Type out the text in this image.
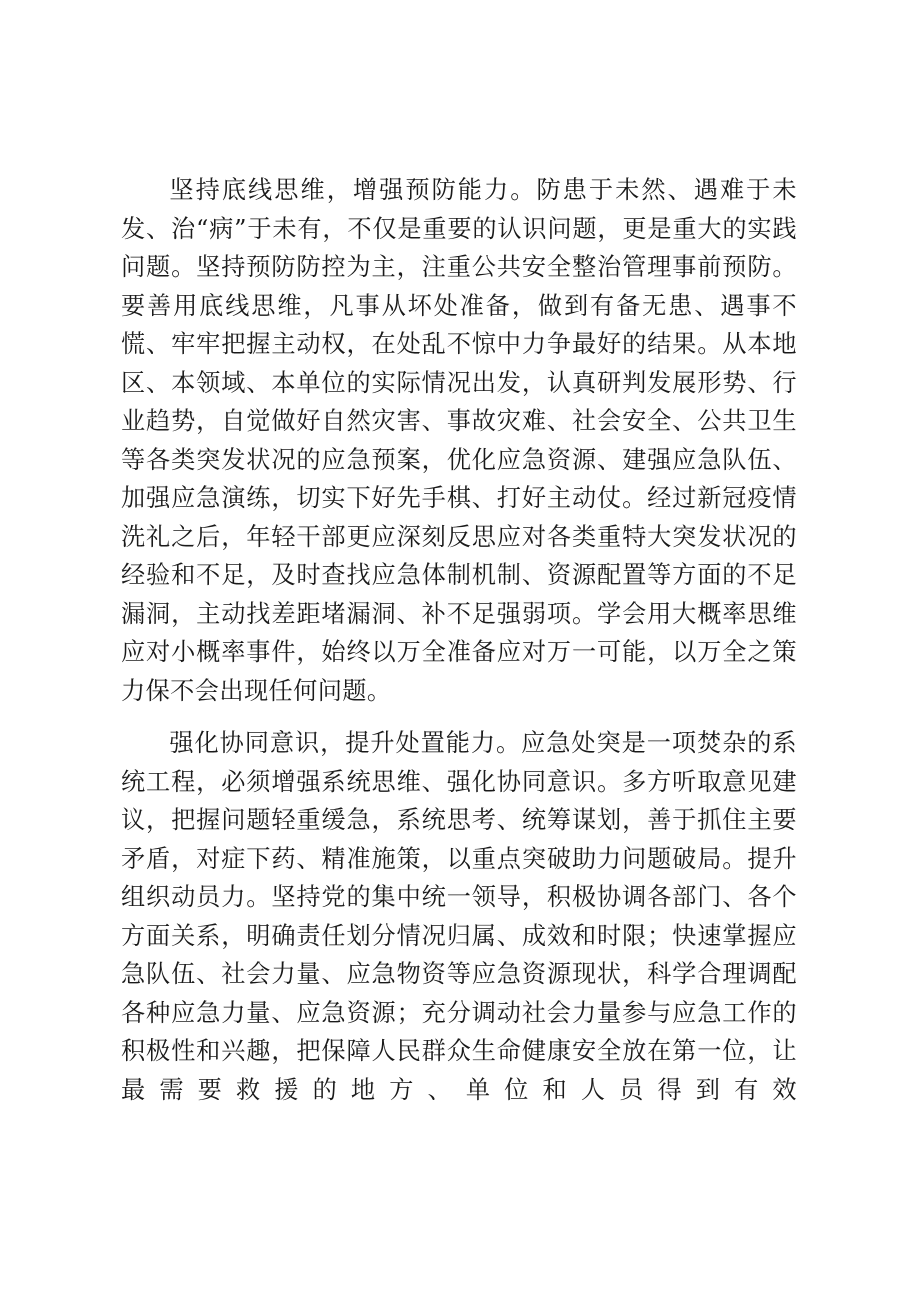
坚持底线思维，增强预防能力。防患于未然、遇难于未发、治“病”于未有，不仅是重要的认识问题，更是重大的实践问题。坚持预防防控为主，注重公共安全整治管理事前预防。要善用底线思维，凡事从坏处准备，做到有备无患、遇事不慌、牢牢把握主动权，在处乱不惊中力争最好的结果。从本地区、本领域、本单位的实际情况出发，认真研判发展形势、行业趋势，自觉做好自然灾害、事故灾难、社会安全、公共卫生等各类突发状况的应急预案，优化应急资源、建强应急队伍、加强应急演练，切实下好先手棋、打好主动仗。经过新冠疫情洗礼之后，年轻干部更应深刻反思应对各类重特大突发状况的经验和不足，及时查找应急体制机制、资源配置等方面的不足漏洞，主动找差距堵漏洞、补不足强弱项。学会用大概率思维应对小概率事件，始终以万全准备应对万一可能，以万全之策力保不会出现任何问题。

强化协同意识，提升处置能力。应急处突是一项焚杂的系统工程，必须增强系统思维、强化协同意识。多方听取意见建议，把握问题轻重缓急，系统思考、统筹谋划，善于抓住主要矛盾，对症下药、精准施策，以重点突破助力问题破局。提升组织动员力。坚持党的集中统一领导，积极协调各部门、各个方面关系，明确责任划分情况归属、成效和时限；快速掌握应急队伍、社会力量、应急物资等应急资源现状，科学合理调配各种应急力量、应急资源；充分调动社会力量参与应急工作的积极性和兴趣，把保障人民群众生命健康安全放在第一位，让最需要救援的地方、单位和人员得到有效
